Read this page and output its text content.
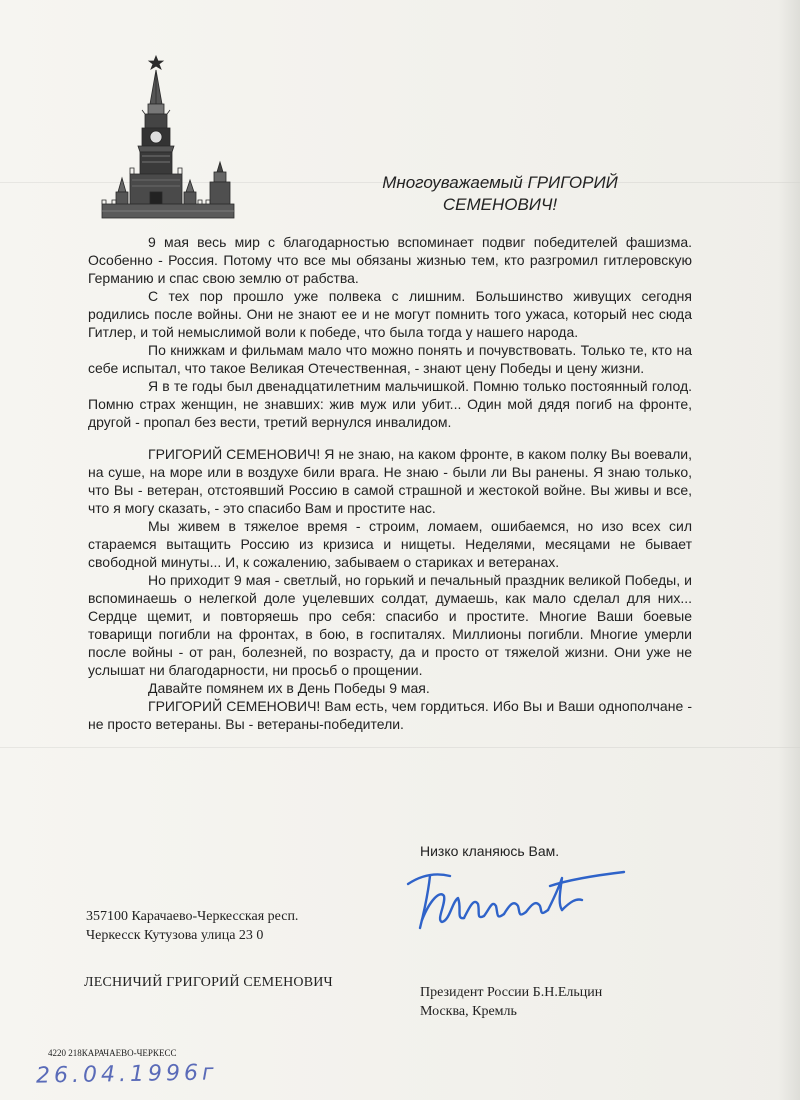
Многоуважаемый ГРИГОРИЙ
СЕМЕНОВИЧ!

9 мая весь мир с благодарностью вспоминает подвиг победителей фашизма. Особенно - Россия. Потому что все мы обязаны жизнью тем, кто разгромил гитлеровскую Германию и спас свою землю от рабства.

С тех пор прошло уже полвека с лишним. Большинство живущих сегодня родились после войны. Они не знают ее и не могут помнить того ужаса, который нес сюда Гитлер, и той немыслимой воли к победе, что была тогда у нашего народа.

По книжкам и фильмам мало что можно понять и почувствовать. Только те, кто на себе испытал, что такое Великая Отечественная, - знают цену Победы и цену жизни.

Я в те годы был двенадцатилетним мальчишкой. Помню только постоянный голод. Помню страх женщин, не знавших: жив муж или убит... Один мой дядя погиб на фронте, другой - пропал без вести, третий вернулся инвалидом.

ГРИГОРИЙ СЕМЕНОВИЧ! Я не знаю, на каком фронте, в каком полку Вы воевали, на суше, на море или в воздухе били врага. Не знаю - были ли Вы ранены. Я знаю только, что Вы - ветеран, отстоявший Россию в самой страшной и жестокой войне. Вы живы и все, что я могу сказать, - это спасибо Вам и простите нас.

Мы живем в тяжелое время - строим, ломаем, ошибаемся, но изо всех сил стараемся вытащить Россию из кризиса и нищеты. Неделями, месяцами не бывает свободной минуты... И, к сожалению, забываем о стариках и ветеранах.

Но приходит 9 мая - светлый, но горький и печальный праздник великой Победы, и вспоминаешь о нелегкой доле уцелевших солдат, думаешь, как мало сделал для них... Сердце щемит, и повторяешь про себя: спасибо и простите. Многие Ваши боевые товарищи погибли на фронтах, в бою, в госпиталях. Миллионы погибли. Многие умерли после войны - от ран, болезней, по возрасту, да и просто от тяжелой жизни. Они уже не услышат ни благодарности, ни просьб о прощении.

Давайте помянем их в День Победы 9 мая.

ГРИГОРИЙ СЕМЕНОВИЧ! Вам есть, чем гордиться. Ибо Вы и Ваши однополчане - не просто ветераны. Вы - ветераны-победители.

Низко кланяюсь Вам.
357100 Карачаево-Черкесская респ.
Черкесск Кутузова улица 23 0
ЛЕСНИЧИЙ ГРИГОРИЙ СЕМЕНОВИЧ
Президент России Б.Н.Ельцин
Москва, Кремль
4220 218КАРАЧАЕВО-ЧЕРКЕСС
26.04.1996г
